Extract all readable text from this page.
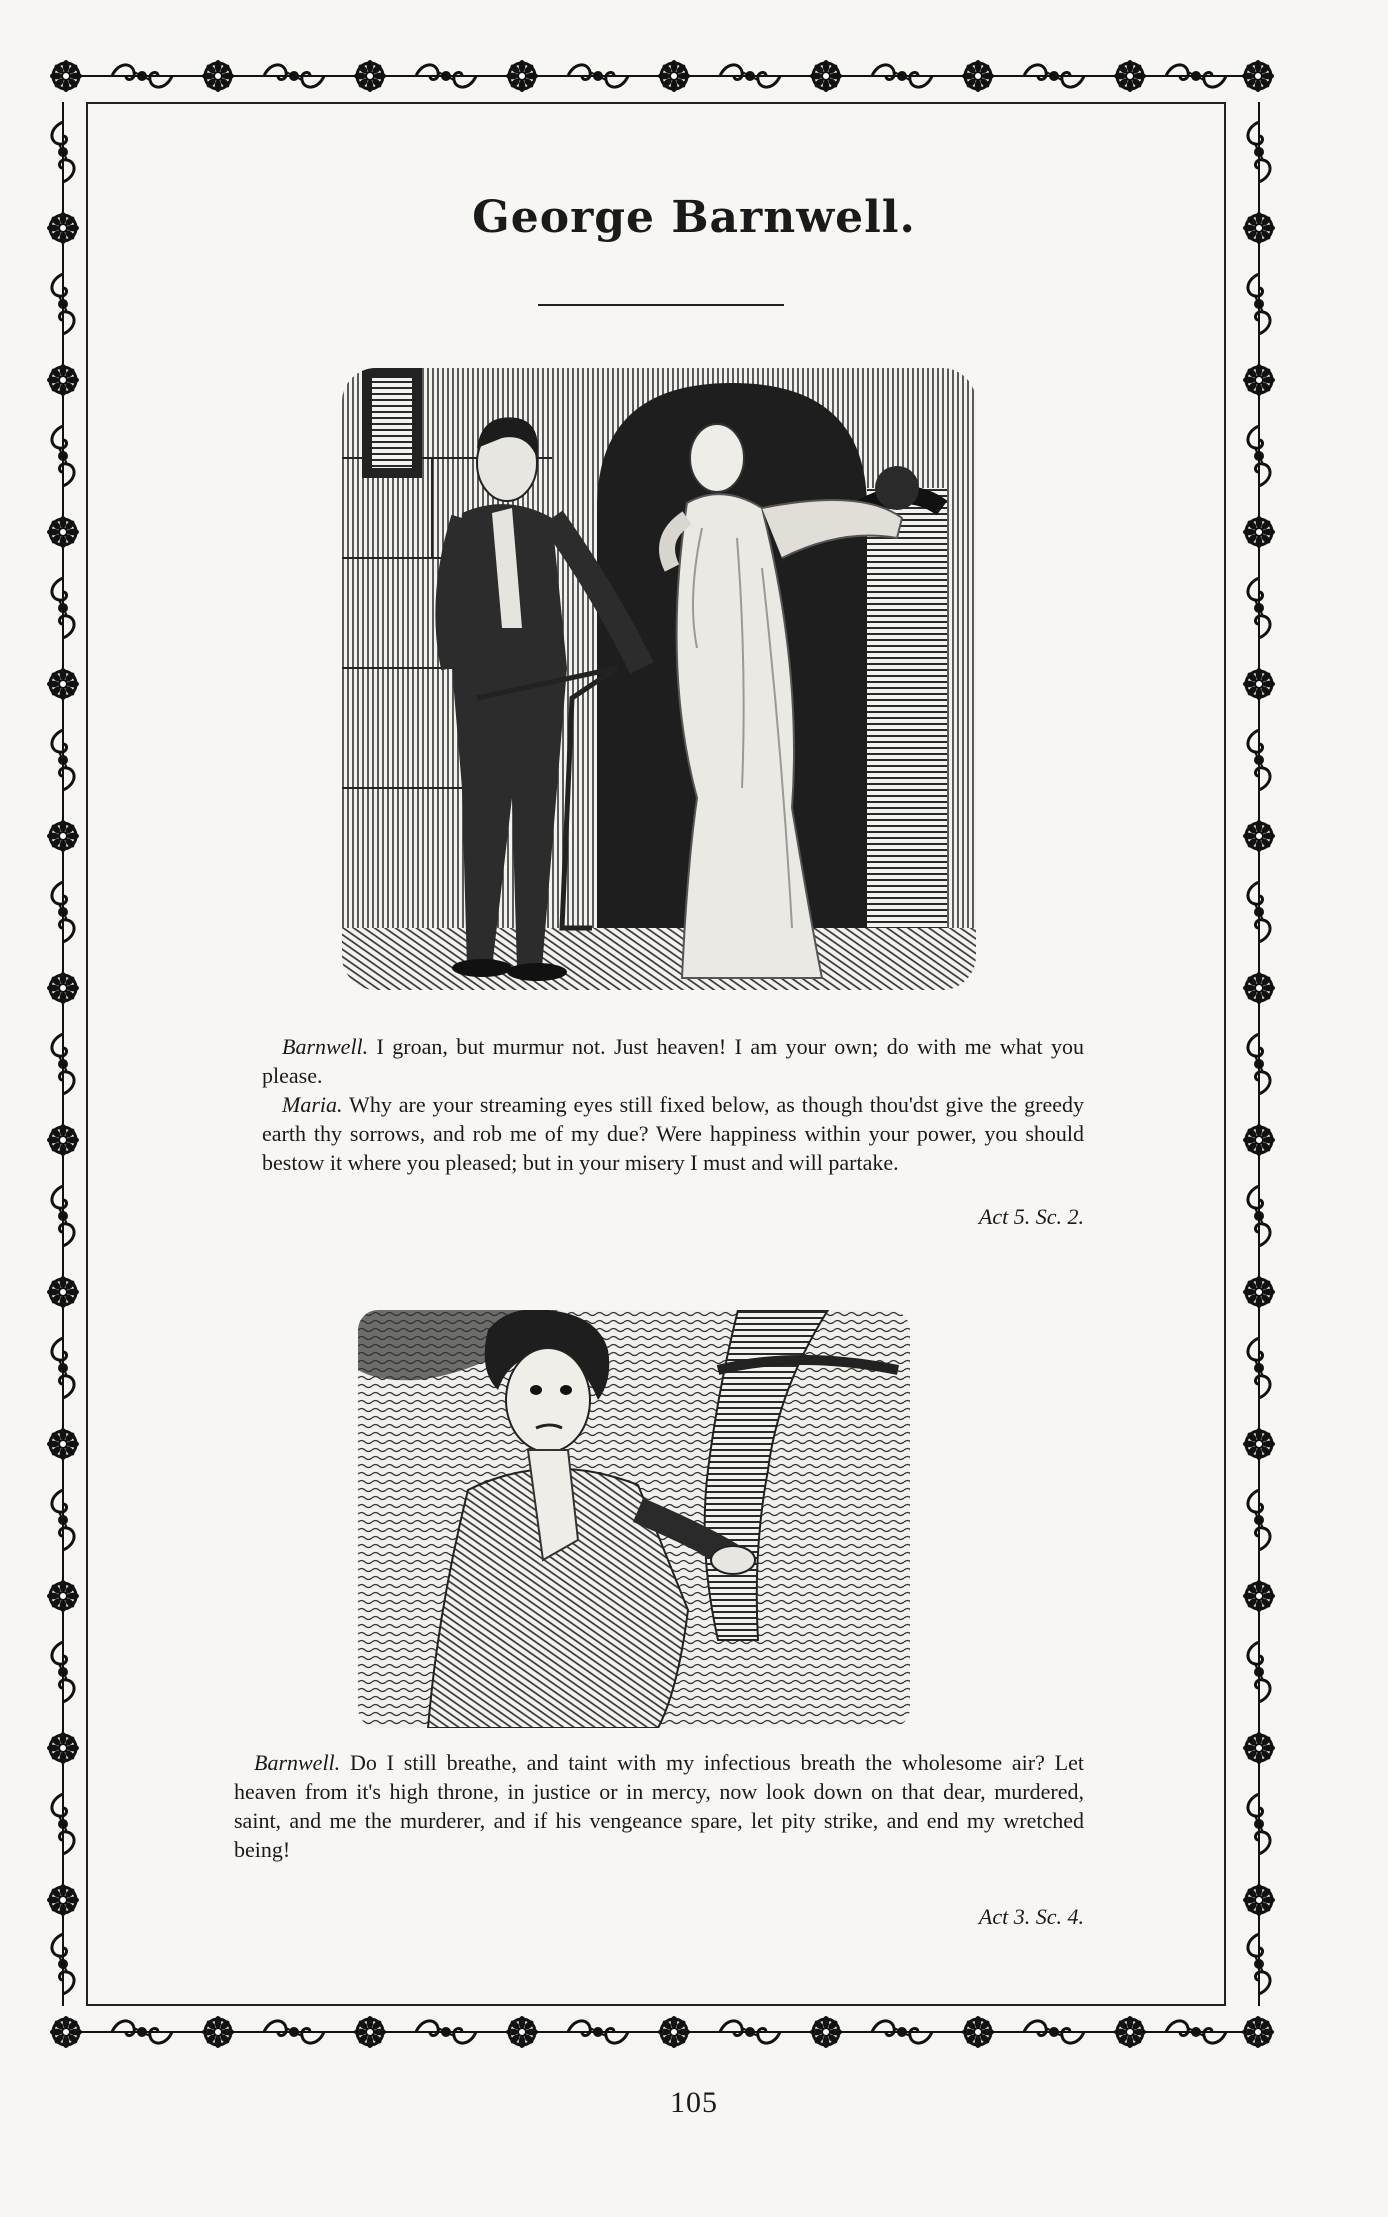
George Barnwell.

Barnwell. I groan, but murmur not. Just heaven! I am your own; do with me what you please.

Maria. Why are your streaming eyes still fixed below, as though thou'dst give the greedy earth thy sorrows, and rob me of my due? Were happiness within your power, you should bestow it where you pleased; but in your misery I must and will partake.

Act 5. Sc. 2.

Barnwell. Do I still breathe, and taint with my infectious breath the wholesome air? Let heaven from it's high throne, in justice or in mercy, now look down on that dear, murdered, saint, and me the murderer, and if his vengeance spare, let pity strike, and end my wretched being!

Act 3. Sc. 4.
105
